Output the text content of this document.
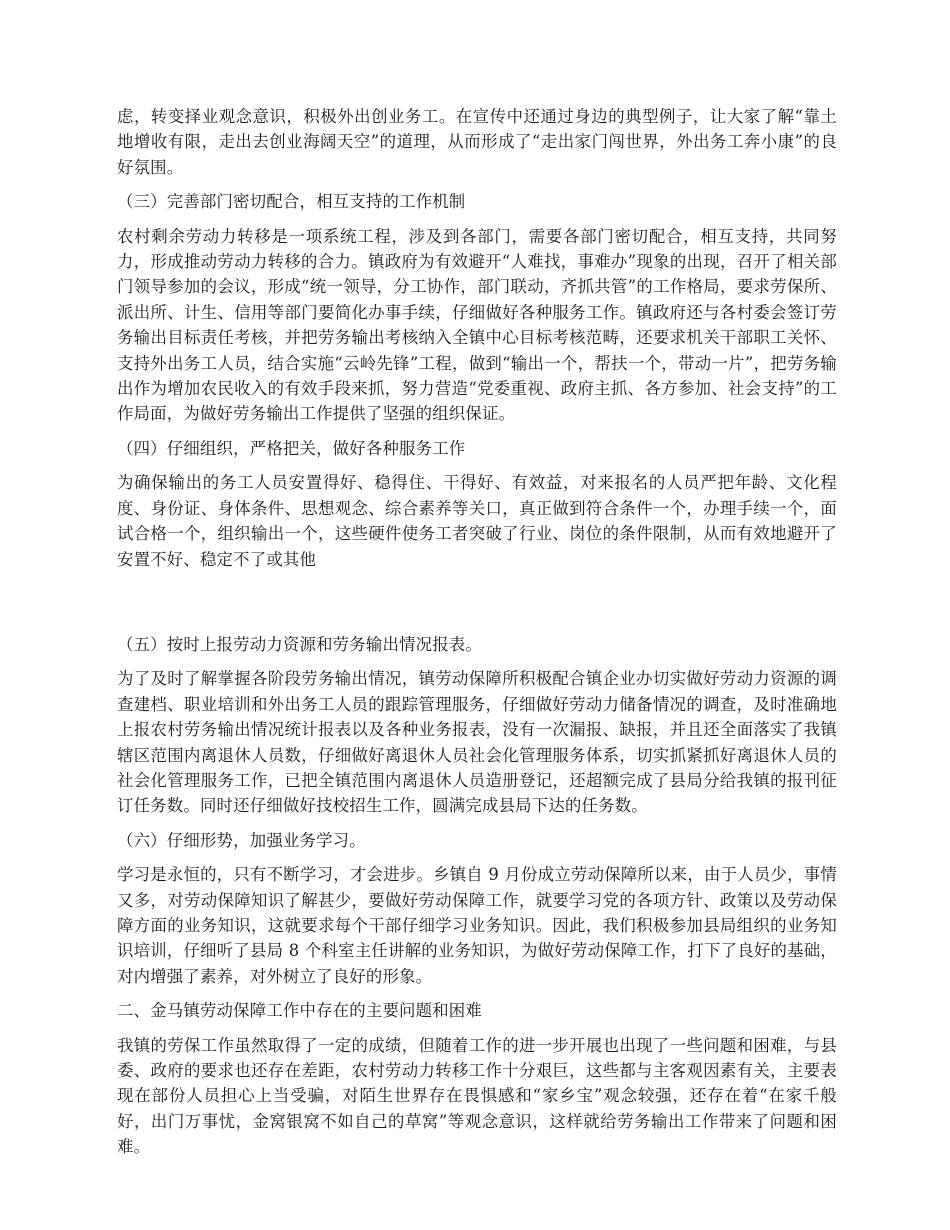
虑，转变择业观念意识，积极外出创业务工。在宣传中还通过身边的典型例子，让大家了解“靠土地增收有限，走出去创业海阔天空”的道理，从而形成了“走出家门闯世界，外出务工奔小康”的良好氛围。

（三）完善部门密切配合，相互支持的工作机制

农村剩余劳动力转移是一项系统工程，涉及到各部门，需要各部门密切配合，相互支持，共同努力，形成推动劳动力转移的合力。镇政府为有效避开“人难找，事难办”现象的出现，召开了相关部门领导参加的会议，形成“统一领导，分工协作，部门联动，齐抓共管”的工作格局，要求劳保所、派出所、计生、信用等部门要简化办事手续，仔细做好各种服务工作。镇政府还与各村委会签订劳务输出目标责任考核，并把劳务输出考核纳入全镇中心目标考核范畴，还要求机关干部职工关怀、支持外出务工人员，结合实施“云岭先锋”工程，做到“输出一个，帮扶一个，带动一片”，把劳务输出作为增加农民收入的有效手段来抓，努力营造“党委重视、政府主抓、各方参加、社会支持”的工作局面，为做好劳务输出工作提供了坚强的组织保证。

（四）仔细组织，严格把关，做好各种服务工作

为确保输出的务工人员安置得好、稳得住、干得好、有效益，对来报名的人员严把年龄、文化程度、身份证、身体条件、思想观念、综合素养等关口，真正做到符合条件一个，办理手续一个，面试合格一个，组织输出一个，这些硬件使务工者突破了行业、岗位的条件限制，从而有效地避开了安置不好、稳定不了或其他

（五）按时上报劳动力资源和劳务输出情况报表。

为了及时了解掌握各阶段劳务输出情况，镇劳动保障所积极配合镇企业办切实做好劳动力资源的调查建档、职业培训和外出务工人员的跟踪管理服务，仔细做好劳动力储备情况的调查，及时准确地上报农村劳务输出情况统计报表以及各种业务报表，没有一次漏报、缺报，并且还全面落实了我镇辖区范围内离退休人员数，仔细做好离退休人员社会化管理服务体系，切实抓紧抓好离退休人员的社会化管理服务工作，已把全镇范围内离退休人员造册登记，还超额完成了县局分给我镇的报刊征订任务数。同时还仔细做好技校招生工作，圆满完成县局下达的任务数。

（六）仔细形势，加强业务学习。

学习是永恒的，只有不断学习，才会进步。乡镇自 9 月份成立劳动保障所以来，由于人员少，事情又多，对劳动保障知识了解甚少，要做好劳动保障工作，就要学习党的各项方针、政策以及劳动保障方面的业务知识，这就要求每个干部仔细学习业务知识。因此，我们积极参加县局组织的业务知识培训，仔细听了县局 8 个科室主任讲解的业务知识，为做好劳动保障工作，打下了良好的基础，对内增强了素养，对外树立了良好的形象。

二、金马镇劳动保障工作中存在的主要问题和困难

我镇的劳保工作虽然取得了一定的成绩，但随着工作的进一步开展也出现了一些问题和困难，与县委、政府的要求也还存在差距，农村劳动力转移工作十分艰巨，这些都与主客观因素有关，主要表现在部份人员担心上当受骗，对陌生世界存在畏惧感和“家乡宝”观念较强，还存在着“在家千般好，出门万事忧，金窝银窝不如自己的草窝”等观念意识，这样就给劳务输出工作带来了问题和困难。
